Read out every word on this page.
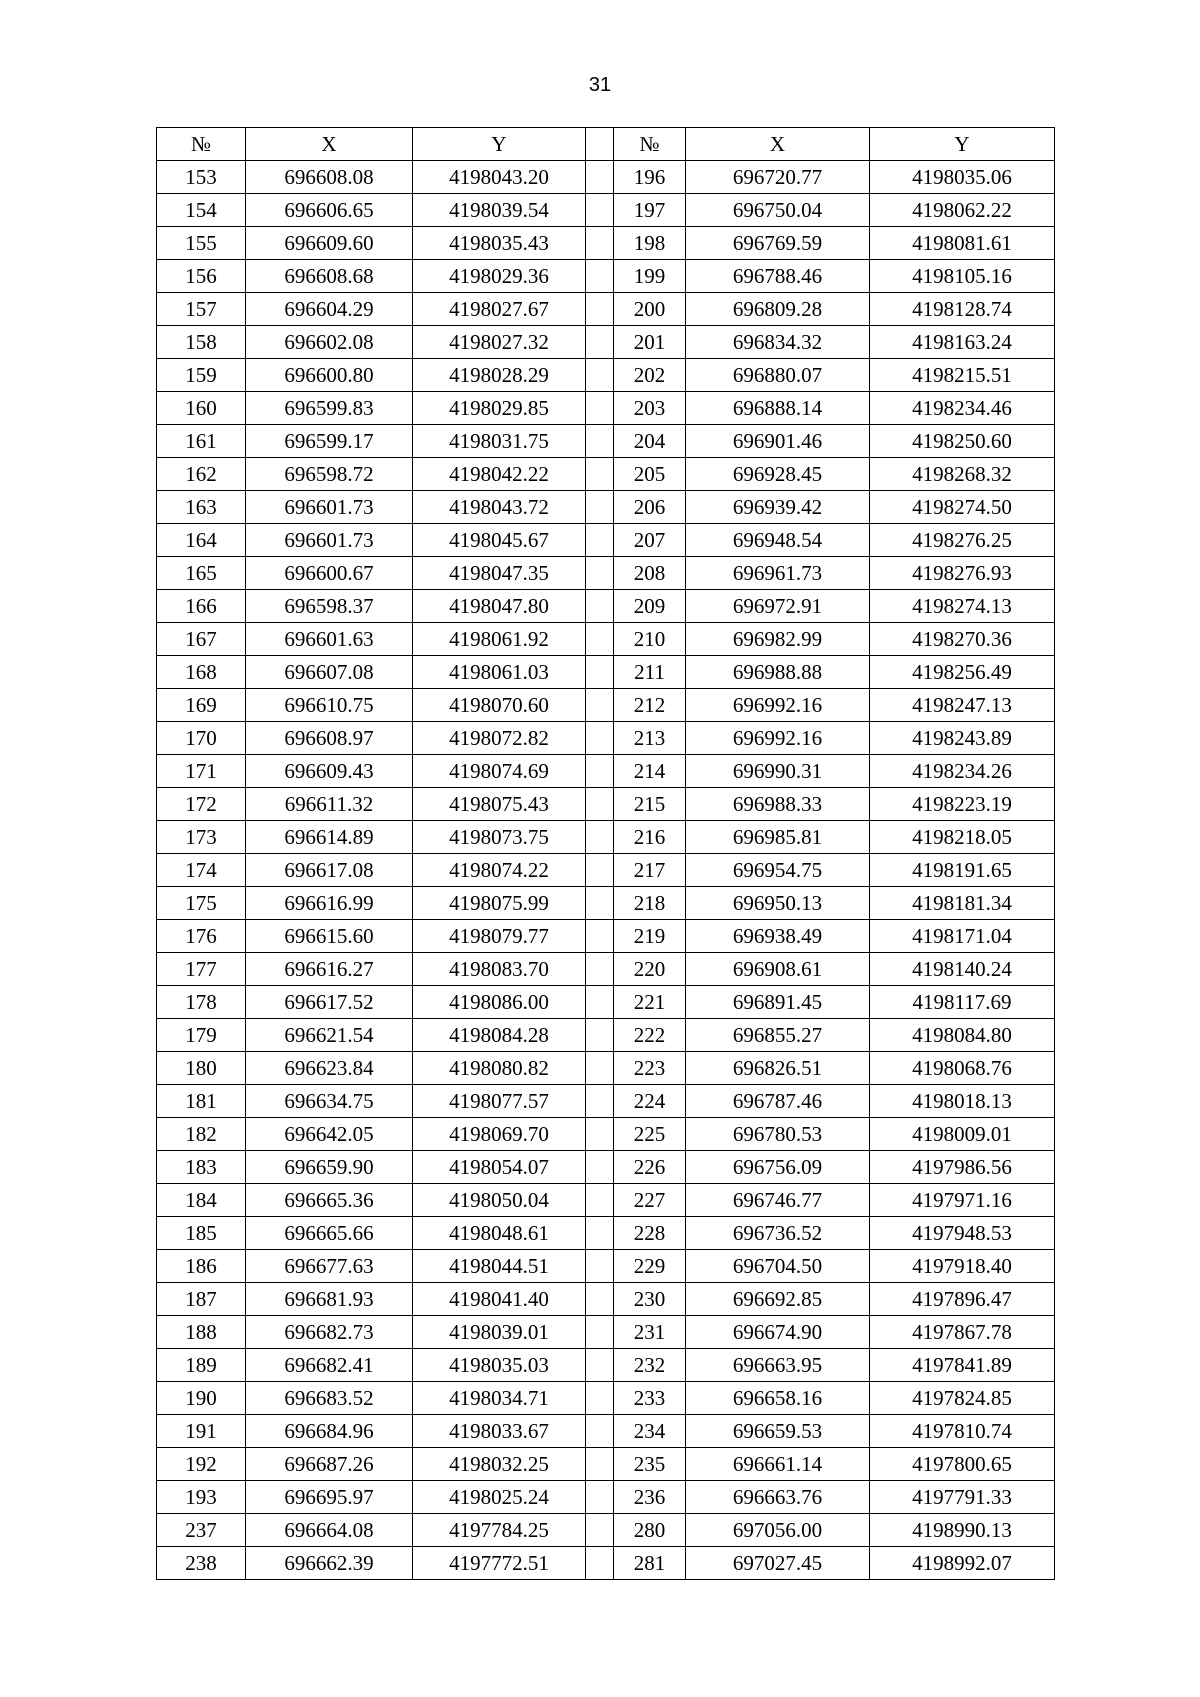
31
№	X	Y		№	X	Y
153	696608.08	4198043.20		196	696720.77	4198035.06
154	696606.65	4198039.54		197	696750.04	4198062.22
155	696609.60	4198035.43		198	696769.59	4198081.61
156	696608.68	4198029.36		199	696788.46	4198105.16
157	696604.29	4198027.67		200	696809.28	4198128.74
158	696602.08	4198027.32		201	696834.32	4198163.24
159	696600.80	4198028.29		202	696880.07	4198215.51
160	696599.83	4198029.85		203	696888.14	4198234.46
161	696599.17	4198031.75		204	696901.46	4198250.60
162	696598.72	4198042.22		205	696928.45	4198268.32
163	696601.73	4198043.72		206	696939.42	4198274.50
164	696601.73	4198045.67		207	696948.54	4198276.25
165	696600.67	4198047.35		208	696961.73	4198276.93
166	696598.37	4198047.80		209	696972.91	4198274.13
167	696601.63	4198061.92		210	696982.99	4198270.36
168	696607.08	4198061.03		211	696988.88	4198256.49
169	696610.75	4198070.60		212	696992.16	4198247.13
170	696608.97	4198072.82		213	696992.16	4198243.89
171	696609.43	4198074.69		214	696990.31	4198234.26
172	696611.32	4198075.43		215	696988.33	4198223.19
173	696614.89	4198073.75		216	696985.81	4198218.05
174	696617.08	4198074.22		217	696954.75	4198191.65
175	696616.99	4198075.99		218	696950.13	4198181.34
176	696615.60	4198079.77		219	696938.49	4198171.04
177	696616.27	4198083.70		220	696908.61	4198140.24
178	696617.52	4198086.00		221	696891.45	4198117.69
179	696621.54	4198084.28		222	696855.27	4198084.80
180	696623.84	4198080.82		223	696826.51	4198068.76
181	696634.75	4198077.57		224	696787.46	4198018.13
182	696642.05	4198069.70		225	696780.53	4198009.01
183	696659.90	4198054.07		226	696756.09	4197986.56
184	696665.36	4198050.04		227	696746.77	4197971.16
185	696665.66	4198048.61		228	696736.52	4197948.53
186	696677.63	4198044.51		229	696704.50	4197918.40
187	696681.93	4198041.40		230	696692.85	4197896.47
188	696682.73	4198039.01		231	696674.90	4197867.78
189	696682.41	4198035.03		232	696663.95	4197841.89
190	696683.52	4198034.71		233	696658.16	4197824.85
191	696684.96	4198033.67		234	696659.53	4197810.74
192	696687.26	4198032.25		235	696661.14	4197800.65
193	696695.97	4198025.24		236	696663.76	4197791.33
237	696664.08	4197784.25		280	697056.00	4198990.13
238	696662.39	4197772.51		281	697027.45	4198992.07
